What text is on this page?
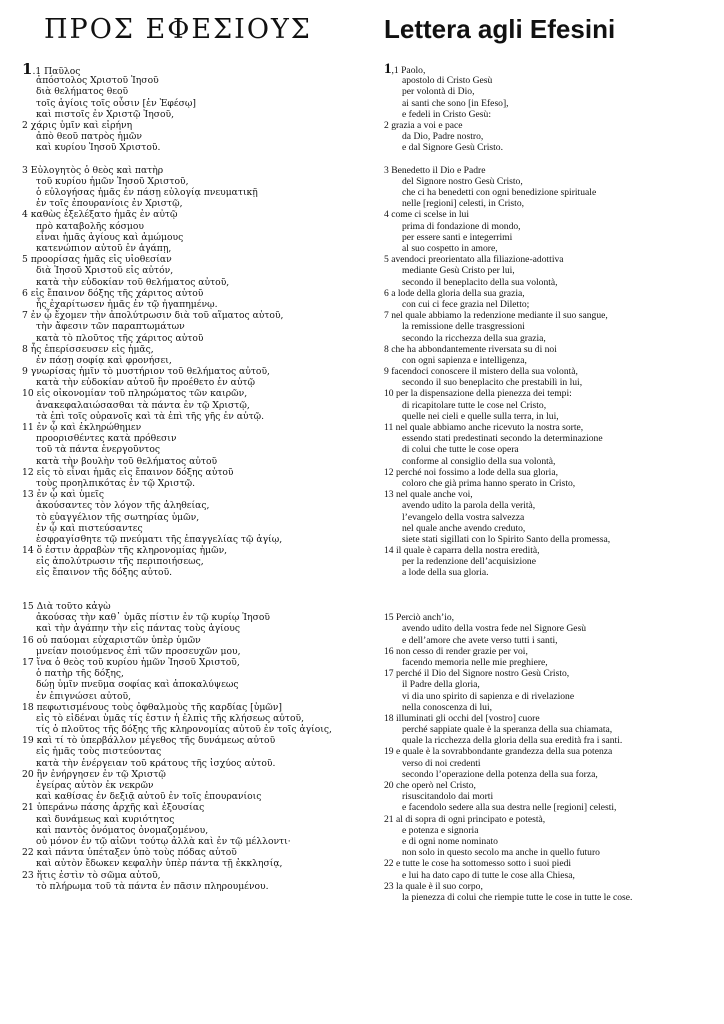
ΠΡΟΣ ΕΦΕΣΙΟΥΣ	Lettera agli Efesini
1.1 Παῦλος
ἀπόστολος Χριστοῦ Ἰησοῦ
διὰ θελήματος θεοῦ
τοῖς ἁγίοις τοῖς οὖσιν [ἐν Ἐφέσῳ]
καὶ πιστοῖς ἐν Χριστῷ Ἰησοῦ,
2 χάρις ὑμῖν καὶ εἰρήνη
ἀπὸ θεοῦ πατρὸς ἡμῶν
καὶ κυρίου Ἰησοῦ Χριστοῦ.
3 Εὐλογητὸς ὁ θεὸς καὶ πατὴρ
τοῦ κυρίου ἡμῶν Ἰησοῦ Χριστοῦ,
ὁ εὐλογήσας ἡμᾶς ἐν πάσῃ εὐλογίᾳ πνευματικῇ
ἐν τοῖς ἐπουρανίοις ἐν Χριστῷ,
4 καθὼς ἐξελέξατο ἡμᾶς ἐν αὐτῷ
πρὸ καταβολῆς κόσμου
εἶναι ἡμᾶς ἁγίους καὶ ἀμώμους
κατενώπιον αὐτοῦ ἐν ἀγάπῃ,
5 προορίσας ἡμᾶς εἰς υἱοθεσίαν
διὰ Ἰησοῦ Χριστοῦ εἰς αὐτόν,
κατὰ τὴν εὐδοκίαν τοῦ θελήματος αὐτοῦ,
6 εἰς ἔπαινον δόξης τῆς χάριτος αὐτοῦ
ἧς ἐχαρίτωσεν ἡμᾶς ἐν τῷ ἠγαπημένῳ.
7 ἐν ᾧ ἔχομεν τὴν ἀπολύτρωσιν διὰ τοῦ αἵματος αὐτοῦ,
τὴν ἄφεσιν τῶν παραπτωμάτων
κατὰ τὸ πλοῦτος τῆς χάριτος αὐτοῦ
8 ἧς ἐπερίσσευσεν εἰς ἡμᾶς,
ἐν πάσῃ σοφίᾳ καὶ φρονήσει,
9 γνωρίσας ἡμῖν τὸ μυστήριον τοῦ θελήματος αὐτοῦ,
κατὰ τὴν εὐδοκίαν αὐτοῦ ἣν προέθετο ἐν αὐτῷ
10 εἰς οἰκονομίαν τοῦ πληρώματος τῶν καιρῶν,
ἀνακεφαλαιώσασθαι τὰ πάντα ἐν τῷ Χριστῷ,
τὰ ἐπὶ τοῖς οὐρανοῖς καὶ τὰ ἐπὶ τῆς γῆς ἐν αὐτῷ.
11 ἐν ᾧ καὶ ἐκληρώθημεν
προορισθέντες κατὰ πρόθεσιν
τοῦ τὰ πάντα ἐνεργοῦντος
κατὰ τὴν βουλὴν τοῦ θελήματος αὐτοῦ
12 εἰς τὸ εἶναι ἡμᾶς εἰς ἔπαινον δόξης αὐτοῦ
τοὺς προηλπικότας ἐν τῷ Χριστῷ.
13 ἐν ᾧ καὶ ὑμεῖς
ἀκούσαντες τὸν λόγον τῆς ἀληθείας,
τὸ εὐαγγέλιον τῆς σωτηρίας ὑμῶν,
ἐν ᾧ καὶ πιστεύσαντες
ἐσφραγίσθητε τῷ πνεύματι τῆς ἐπαγγελίας τῷ ἁγίῳ,
14 ὅ ἐστιν ἀρραβὼν τῆς κληρονομίας ἡμῶν,
εἰς ἀπολύτρωσιν τῆς περιποιήσεως,
εἰς ἔπαινον τῆς δόξης αὐτοῦ.
15 Διὰ τοῦτο κἀγὼ
ἀκούσας τὴν καθ᾽ ὑμᾶς πίστιν ἐν τῷ κυρίῳ Ἰησοῦ
καὶ τὴν ἀγάπην τὴν εἰς πάντας τοὺς ἁγίους
16 οὐ παύομαι εὐχαριστῶν ὑπὲρ ὑμῶν
μνείαν ποιούμενος ἐπὶ τῶν προσευχῶν μου,
17 ἵνα ὁ θεὸς τοῦ κυρίου ἡμῶν Ἰησοῦ Χριστοῦ,
ὁ πατὴρ τῆς δόξης,
δώῃ ὑμῖν πνεῦμα σοφίας καὶ ἀποκαλύψεως
ἐν ἐπιγνώσει αὐτοῦ,
18 πεφωτισμένους τοὺς ὀφθαλμοὺς τῆς καρδίας [ὑμῶν]
εἰς τὸ εἰδέναι ὑμᾶς τίς ἐστιν ἡ ἐλπὶς τῆς κλήσεως αὐτοῦ,
τίς ὁ πλοῦτος τῆς δόξης τῆς κληρονομίας αὐτοῦ ἐν τοῖς ἁγίοις,
19 καὶ τί τὸ ὑπερβάλλον μέγεθος τῆς δυνάμεως αὐτοῦ
εἰς ἡμᾶς τοὺς πιστεύοντας
κατὰ τὴν ἐνέργειαν τοῦ κράτους τῆς ἰσχύος αὐτοῦ.
20 ἣν ἐνήργησεν ἐν τῷ Χριστῷ
ἐγείρας αὐτὸν ἐκ νεκρῶν
καὶ καθίσας ἐν δεξιᾷ αὐτοῦ ἐν τοῖς ἐπουρανίοις
21 ὑπεράνω πάσης ἀρχῆς καὶ ἐξουσίας
καὶ δυνάμεως καὶ κυριότητος
καὶ παντὸς ὀνόματος ὀνομαζομένου,
οὐ μόνον ἐν τῷ αἰῶνι τούτῳ ἀλλὰ καὶ ἐν τῷ μέλλοντι·
22 καὶ πάντα ὑπέταξεν ὑπὸ τοὺς πόδας αὐτοῦ
καὶ αὐτὸν ἔδωκεν κεφαλὴν ὑπὲρ πάντα τῇ ἐκκλησίᾳ,
23 ἥτις ἐστὶν τὸ σῶμα αὐτοῦ,
τὸ πλήρωμα τοῦ τὰ πάντα ἐν πᾶσιν πληρουμένου.
1,1 Paolo,
apostolo di Cristo Gesù
per volontà di Dio,
ai santi che sono [in Efeso],
e fedeli in Cristo Gesù:
2 grazia a voi e pace
da Dio, Padre nostro,
e dal Signore Gesù Cristo.
3 Benedetto il Dio e Padre
del Signore nostro Gesù Cristo,
che ci ha benedetti con ogni benedizione spirituale
nelle [regioni] celesti, in Cristo,
4 come ci scelse in lui
prima di fondazione di mondo,
per essere santi e integerrimi
al suo cospetto in amore,
5 avendoci preorientato alla filiazione-adottiva
mediante Gesù Cristo per lui,
secondo il beneplacito della sua volontà,
6 a lode della gloria della sua grazia,
con cui ci fece grazia nel Diletto;
7 nel quale abbiamo la redenzione mediante il suo sangue,
la remissione delle trasgressioni
secondo la ricchezza della sua grazia,
8 che ha abbondantemente riversata su di noi
con ogni sapienza e intelligenza,
9 facendoci conoscere il mistero della sua volontà,
secondo il suo beneplacito che prestabilì in lui,
10 per la dispensazione della pienezza dei tempi:
di ricapitolare tutte le cose nel Cristo,
quelle nei cieli e quelle sulla terra, in lui,
11 nel quale abbiamo anche ricevuto la nostra sorte,
essendo stati predestinati secondo la determinazione
di colui che tutte le cose opera
conforme al consiglio della sua volontà,
12 perché noi fossimo a lode della sua gloria,
coloro che già prima hanno sperato in Cristo,
13 nel quale anche voi,
avendo udito la parola della verità,
l’evangelo della vostra salvezza
nel quale anche avendo creduto,
siete stati sigillati con lo Spirito Santo della promessa,
14 il quale è caparra della nostra eredità,
per la redenzione dell’acquisizione
a lode della sua gloria.
15 Perciò anch’io,
avendo udito della vostra fede nel Signore Gesù
e dell’amore che avete verso tutti i santi,
16 non cesso di render grazie per voi,
facendo memoria nelle mie preghiere,
17 perché il Dio del Signore nostro Gesù Cristo,
il Padre della gloria,
vi dia uno spirito di sapienza e di rivelazione
nella conoscenza di lui,
18 illuminati gli occhi del [vostro] cuore
perché sappiate quale è la speranza della sua chiamata,
quale la ricchezza della gloria della sua eredità fra i santi.
19 e quale è la sovrabbondante grandezza della sua potenza
verso di noi credenti
secondo l’operazione della potenza della sua forza,
20 che operò nel Cristo,
risuscitandolo dai morti
e facendolo sedere alla sua destra nelle [regioni] celesti,
21 al di sopra di ogni principato e potestà,
e potenza e signoria
e di ogni nome nominato
non solo in questo secolo ma anche in quello futuro
22 e tutte le cose ha sottomesso sotto i suoi piedi
e lui ha dato capo di tutte le cose alla Chiesa,
23 la quale è il suo corpo,
la pienezza di colui che riempie tutte le cose in tutte le cose.
